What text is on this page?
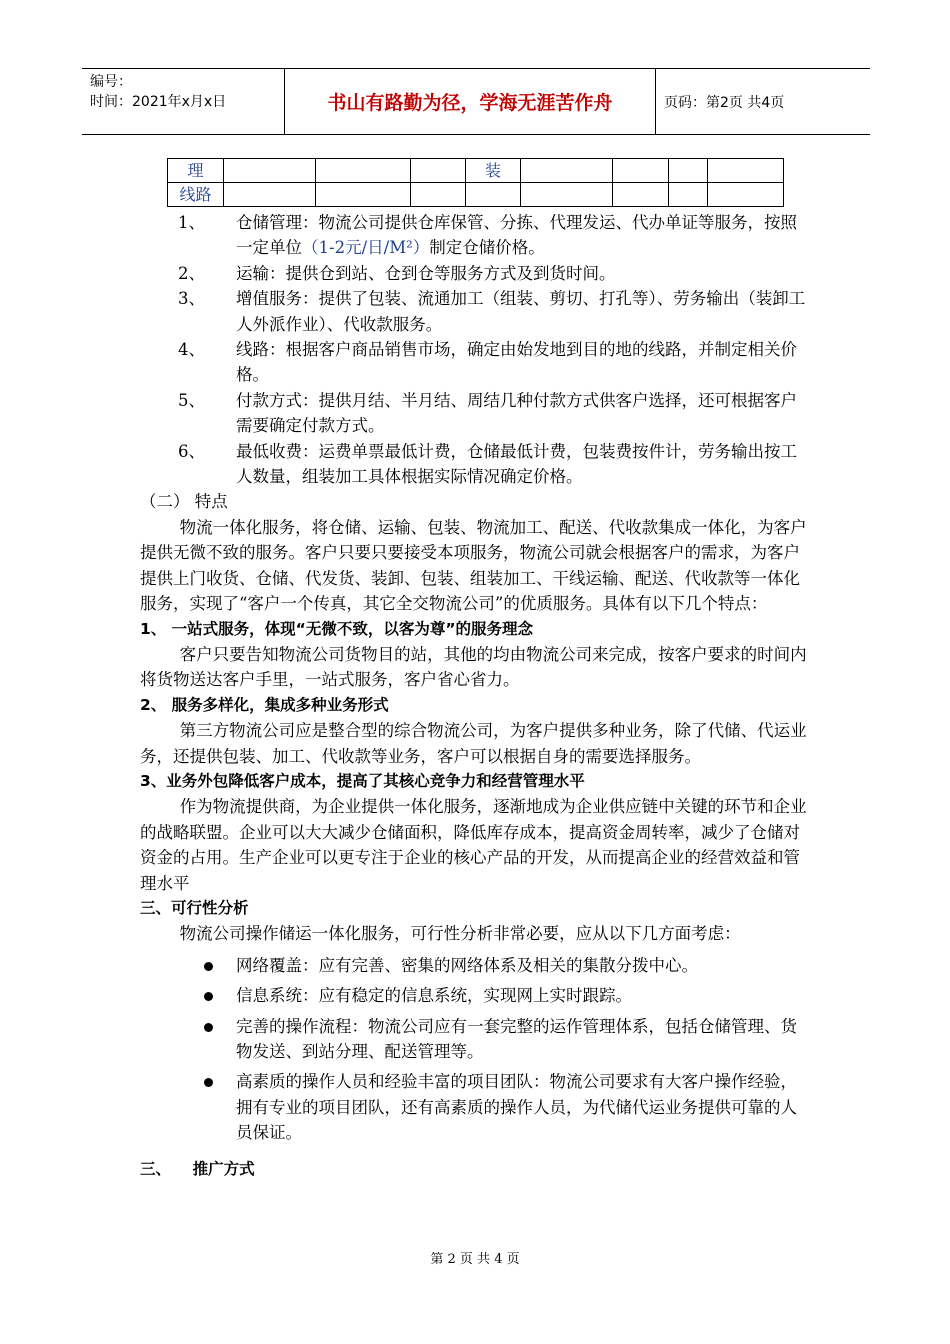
编号：
时间：2021年x月x日	书山有路勤为径，学海无涯苦作舟	页码：第2页 共4页
理				装				
线路								
1、 仓储管理：物流公司提供仓库保管、分拣、代理发运、代办单证等服务，按照一定单位（1-2元/日/M²）制定仓储价格。
2、 运输：提供仓到站、仓到仓等服务方式及到货时间。
3、 增值服务：提供了包装、流通加工（组装、剪切、打孔等）、劳务输出（装卸工人外派作业）、代收款服务。
4、 线路：根据客户商品销售市场，确定由始发地到目的地的线路，并制定相关价格。
5、 付款方式：提供月结、半月结、周结几种付款方式供客户选择，还可根据客户需要确定付款方式。
6、 最低收费：运费单票最低计费，仓储最低计费，包装费按件计，劳务输出按工人数量，组装加工具体根据实际情况确定价格。

（二） 特点

物流一体化服务，将仓储、运输、包装、物流加工、配送、代收款集成一体化，为客户提供无微不致的服务。客户只要只要接受本项服务，物流公司就会根据客户的需求，为客户提供上门收货、仓储、代发货、装卸、包装、组装加工、干线运输、配送、代收款等一体化服务，实现了“客户一个传真，其它全交物流公司”的优质服务。具体有以下几个特点：

1、 一站式服务，体现“无微不致，以客为尊”的服务理念

客户只要告知物流公司货物目的站，其他的均由物流公司来完成，按客户要求的时间内将货物送达客户手里，一站式服务，客户省心省力。

2、 服务多样化，集成多种业务形式

第三方物流公司应是整合型的综合物流公司，为客户提供多种业务，除了代储、代运业务，还提供包装、加工、代收款等业务，客户可以根据自身的需要选择服务。

3、业务外包降低客户成本，提高了其核心竞争力和经营管理水平

作为物流提供商，为企业提供一体化服务，逐渐地成为企业供应链中关键的环节和企业的战略联盟。企业可以大大减少仓储面积，降低库存成本，提高资金周转率，减少了仓储对资金的占用。生产企业可以更专注于企业的核心产品的开发，从而提高企业的经营效益和管理水平

三、可行性分析

物流公司操作储运一体化服务，可行性分析非常必要，应从以下几方面考虑：

网络覆盖：应有完善、密集的网络体系及相关的集散分拨中心。
信息系统：应有稳定的信息系统，实现网上实时跟踪。
完善的操作流程：物流公司应有一套完整的运作管理体系，包括仓储管理、货物发送、到站分理、配送管理等。
高素质的操作人员和经验丰富的项目团队：物流公司要求有大客户操作经验，拥有专业的项目团队，还有高素质的操作人员，为代储代运业务提供可靠的人员保证。

三、    推广方式

第 2 页 共 4 页
